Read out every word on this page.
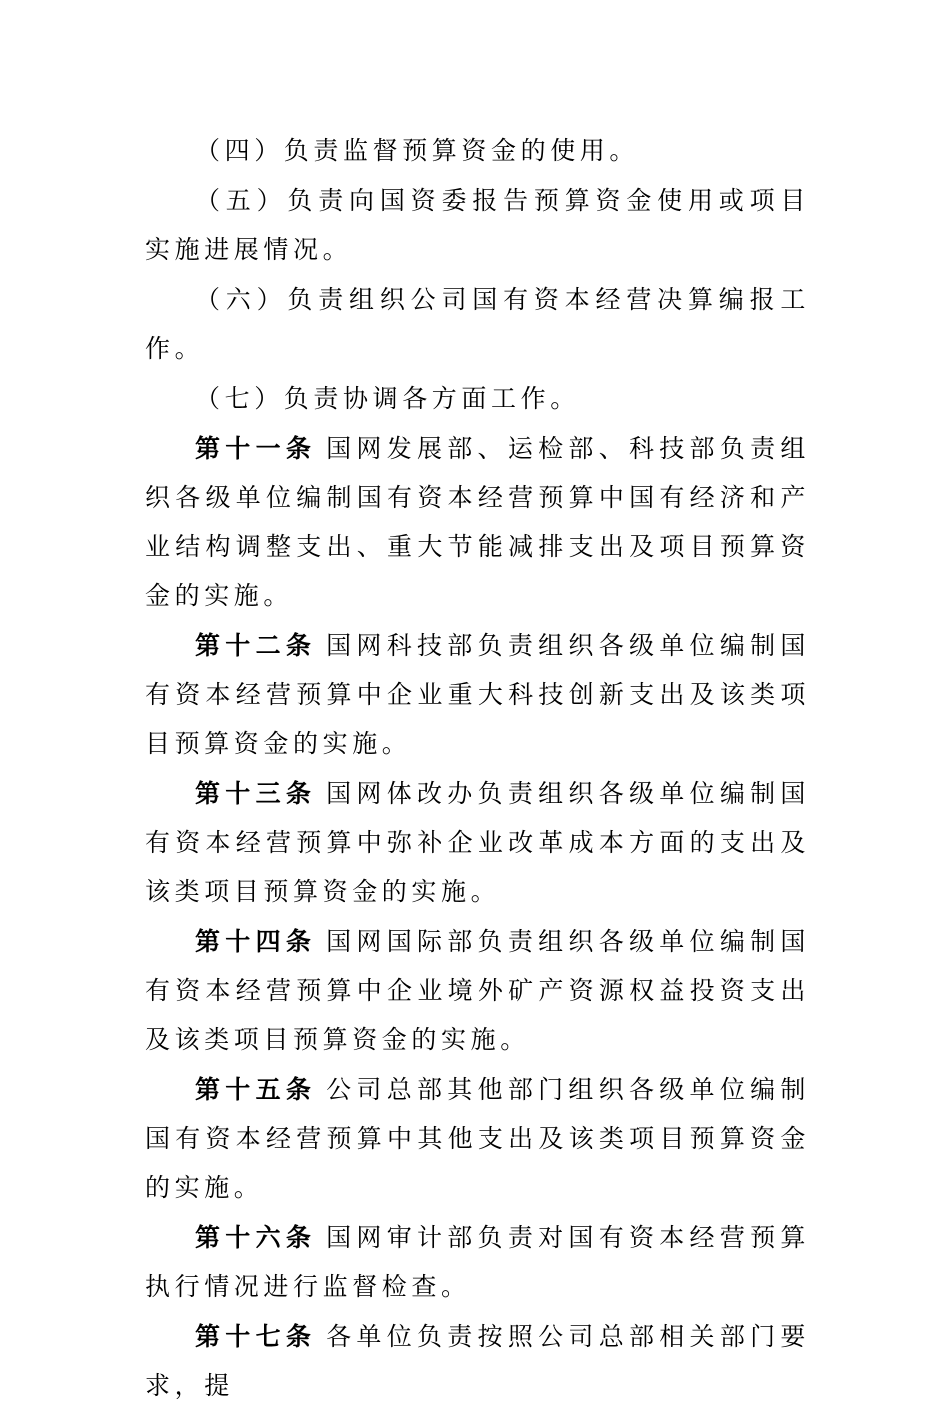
（四）负责监督预算资金的使用。

（五）负责向国资委报告预算资金使用或项目实施进展情况。

（六）负责组织公司国有资本经营决算编报工作。

（七）负责协调各方面工作。

第十一条 国网发展部、运检部、科技部负责组织各级单位编制国有资本经营预算中国有经济和产业结构调整支出、重大节能减排支出及项目预算资金的实施。

第十二条 国网科技部负责组织各级单位编制国有资本经营预算中企业重大科技创新支出及该类项目预算资金的实施。

第十三条 国网体改办负责组织各级单位编制国有资本经营预算中弥补企业改革成本方面的支出及该类项目预算资金的实施。

第十四条 国网国际部负责组织各级单位编制国有资本经营预算中企业境外矿产资源权益投资支出及该类项目预算资金的实施。

第十五条 公司总部其他部门组织各级单位编制国有资本经营预算中其他支出及该类项目预算资金的实施。

第十六条 国网审计部负责对国有资本经营预算执行情况进行监督检查。

第十七条 各单位负责按照公司总部相关部门要求，提
